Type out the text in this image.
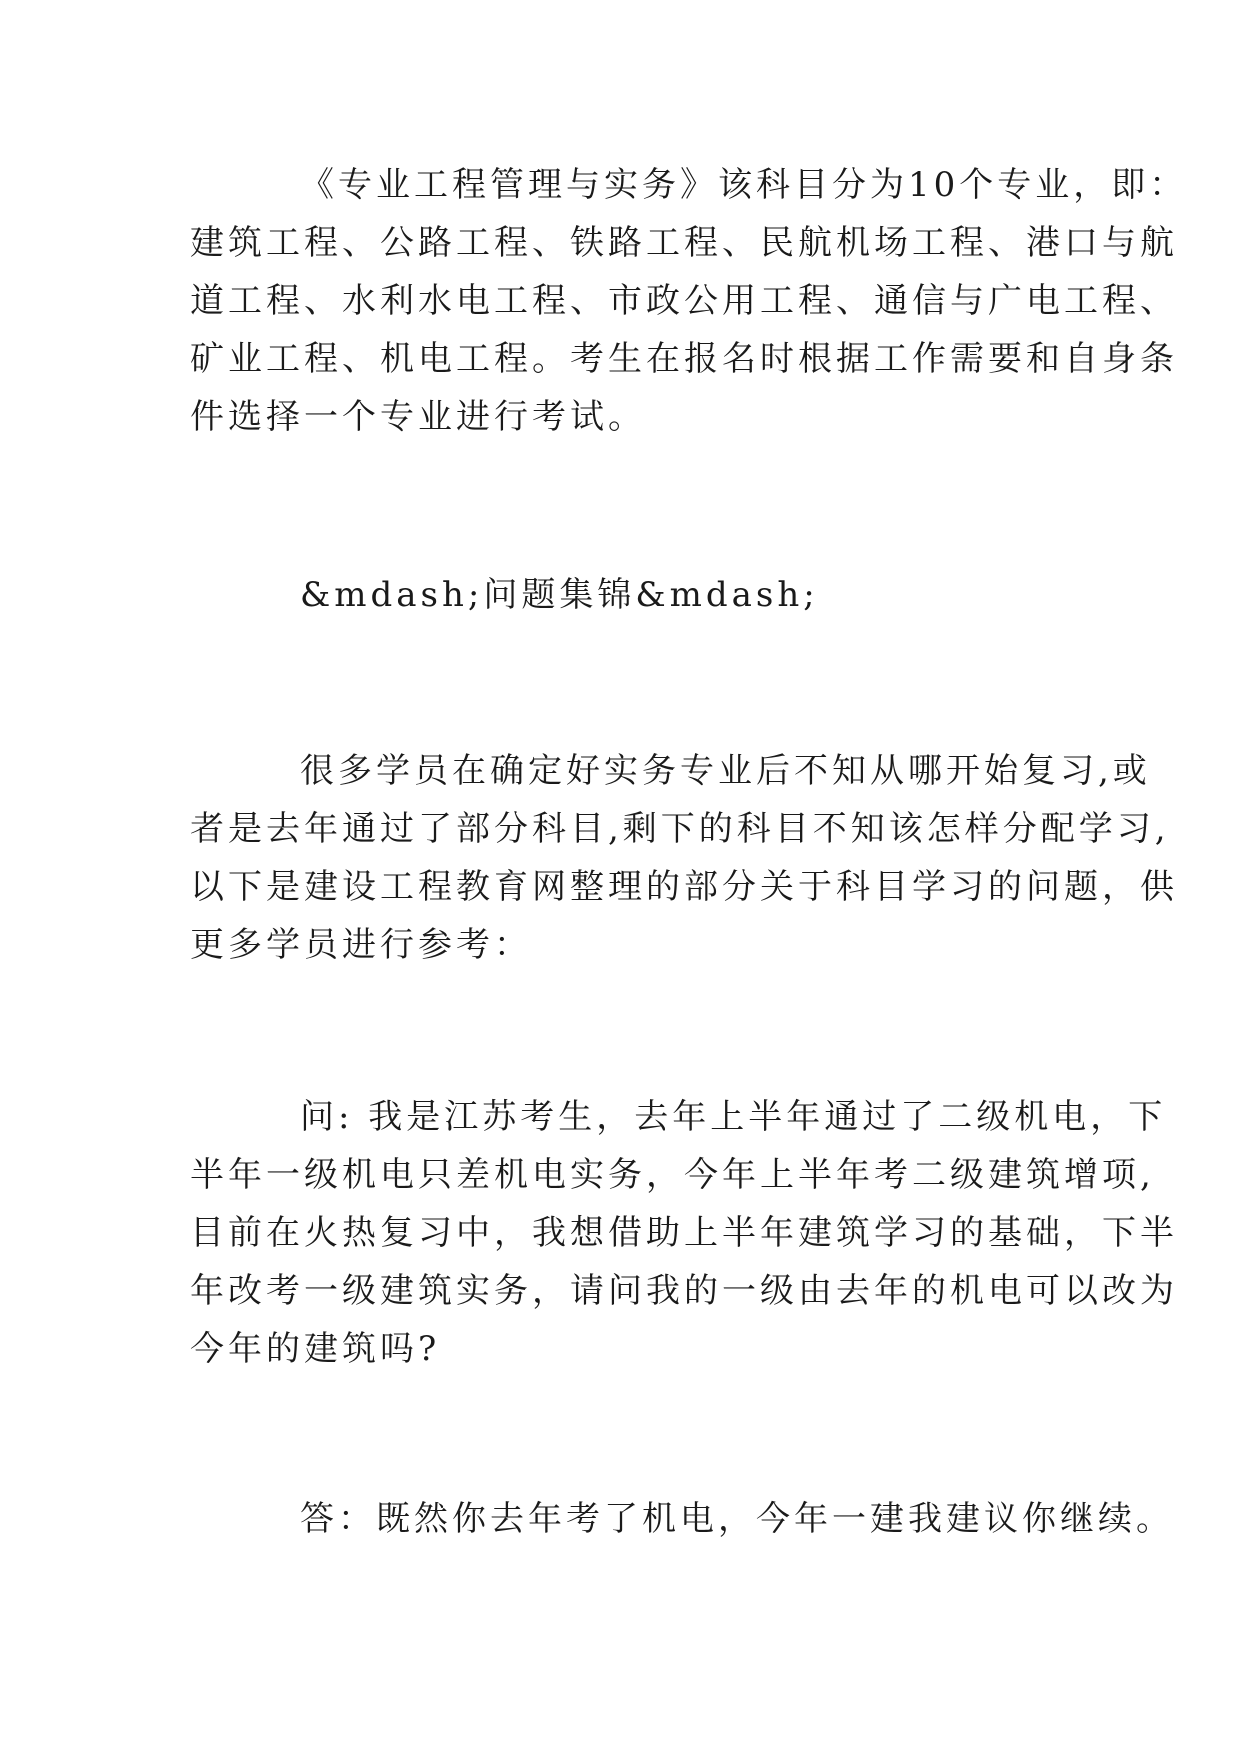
《专业工程管理与实务》该科目分为10个专业，即：
建筑工程、公路工程、铁路工程、民航机场工程、港口与航
道工程、水利水电工程、市政公用工程、通信与广电工程、
矿业工程、机电工程。考生在报名时根据工作需要和自身条
件选择一个专业进行考试。

&mdash;问题集锦&mdash;

很多学员在确定好实务专业后不知从哪开始复习,或
者是去年通过了部分科目,剩下的科目不知该怎样分配学习,
以下是建设工程教育网整理的部分关于科目学习的问题，供
更多学员进行参考：

问: 我是江苏考生，去年上半年通过了二级机电，下
半年一级机电只差机电实务，今年上半年考二级建筑增项,
目前在火热复习中，我想借助上半年建筑学习的基础，下半
年改考一级建筑实务，请问我的一级由去年的机电可以改为
今年的建筑吗?

答：既然你去年考了机电，今年一建我建议你继续。
